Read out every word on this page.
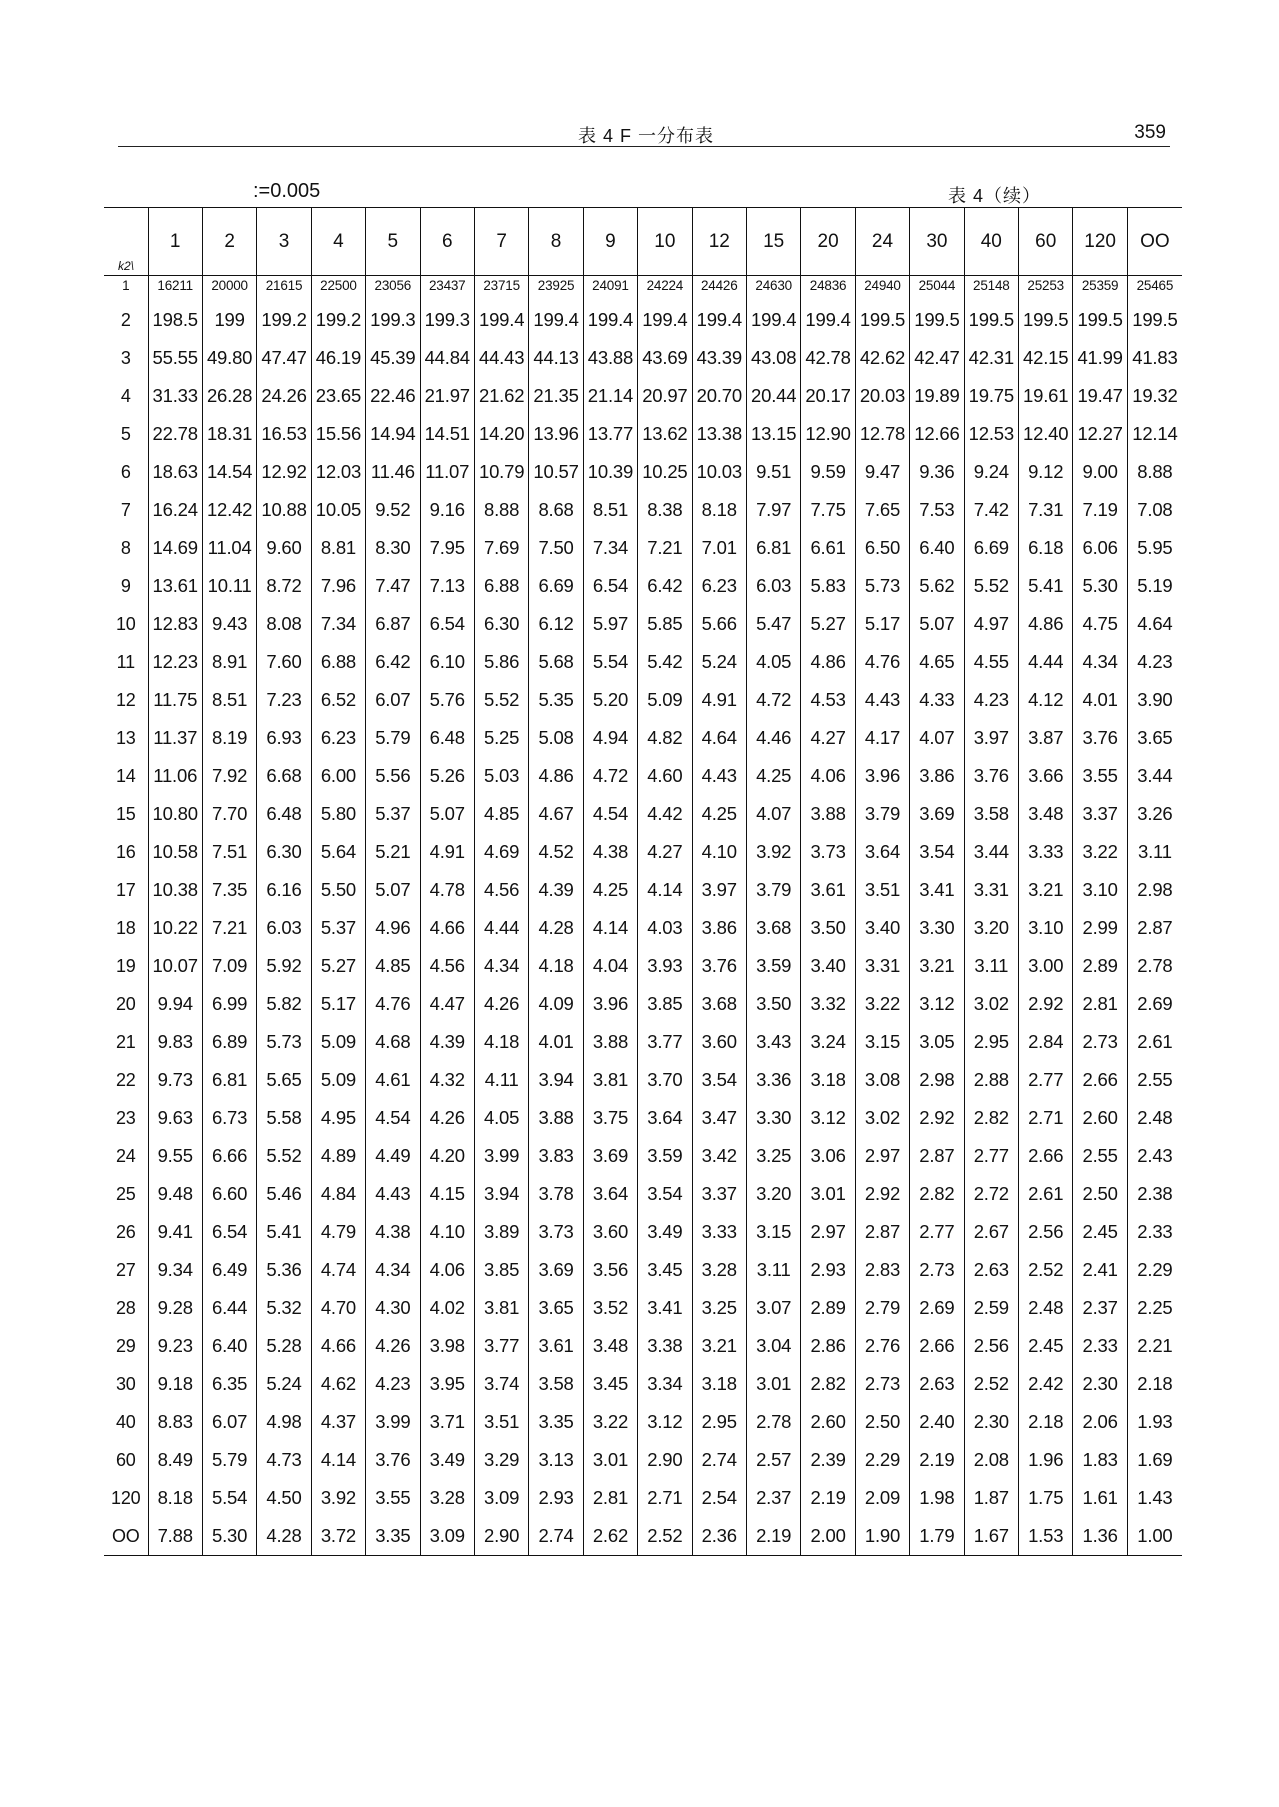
表 4 F 一分布表	359
:=0.005	表 4（续）
k2\	1	2	3	4	5	6	7	8	9	10	12	15	20	24	30	40	60	120	OO
1	16211	20000	21615	22500	23056	23437	23715	23925	24091	24224	24426	24630	24836	24940	25044	25148	25253	25359	25465
2	198.5	199	199.2	199.2	199.3	199.3	199.4	199.4	199.4	199.4	199.4	199.4	199.4	199.5	199.5	199.5	199.5	199.5	199.5
3	55.55	49.80	47.47	46.19	45.39	44.84	44.43	44.13	43.88	43.69	43.39	43.08	42.78	42.62	42.47	42.31	42.15	41.99	41.83
4	31.33	26.28	24.26	23.65	22.46	21.97	21.62	21.35	21.14	20.97	20.70	20.44	20.17	20.03	19.89	19.75	19.61	19.47	19.32
5	22.78	18.31	16.53	15.56	14.94	14.51	14.20	13.96	13.77	13.62	13.38	13.15	12.90	12.78	12.66	12.53	12.40	12.27	12.14
6	18.63	14.54	12.92	12.03	11.46	11.07	10.79	10.57	10.39	10.25	10.03	9.51	9.59	9.47	9.36	9.24	9.12	9.00	8.88
7	16.24	12.42	10.88	10.05	9.52	9.16	8.88	8.68	8.51	8.38	8.18	7.97	7.75	7.65	7.53	7.42	7.31	7.19	7.08
8	14.69	11.04	9.60	8.81	8.30	7.95	7.69	7.50	7.34	7.21	7.01	6.81	6.61	6.50	6.40	6.69	6.18	6.06	5.95
9	13.61	10.11	8.72	7.96	7.47	7.13	6.88	6.69	6.54	6.42	6.23	6.03	5.83	5.73	5.62	5.52	5.41	5.30	5.19
10	12.83	9.43	8.08	7.34	6.87	6.54	6.30	6.12	5.97	5.85	5.66	5.47	5.27	5.17	5.07	4.97	4.86	4.75	4.64
11	12.23	8.91	7.60	6.88	6.42	6.10	5.86	5.68	5.54	5.42	5.24	4.05	4.86	4.76	4.65	4.55	4.44	4.34	4.23
12	11.75	8.51	7.23	6.52	6.07	5.76	5.52	5.35	5.20	5.09	4.91	4.72	4.53	4.43	4.33	4.23	4.12	4.01	3.90
13	11.37	8.19	6.93	6.23	5.79	6.48	5.25	5.08	4.94	4.82	4.64	4.46	4.27	4.17	4.07	3.97	3.87	3.76	3.65
14	11.06	7.92	6.68	6.00	5.56	5.26	5.03	4.86	4.72	4.60	4.43	4.25	4.06	3.96	3.86	3.76	3.66	3.55	3.44
15	10.80	7.70	6.48	5.80	5.37	5.07	4.85	4.67	4.54	4.42	4.25	4.07	3.88	3.79	3.69	3.58	3.48	3.37	3.26
16	10.58	7.51	6.30	5.64	5.21	4.91	4.69	4.52	4.38	4.27	4.10	3.92	3.73	3.64	3.54	3.44	3.33	3.22	3.11
17	10.38	7.35	6.16	5.50	5.07	4.78	4.56	4.39	4.25	4.14	3.97	3.79	3.61	3.51	3.41	3.31	3.21	3.10	2.98
18	10.22	7.21	6.03	5.37	4.96	4.66	4.44	4.28	4.14	4.03	3.86	3.68	3.50	3.40	3.30	3.20	3.10	2.99	2.87
19	10.07	7.09	5.92	5.27	4.85	4.56	4.34	4.18	4.04	3.93	3.76	3.59	3.40	3.31	3.21	3.11	3.00	2.89	2.78
20	9.94	6.99	5.82	5.17	4.76	4.47	4.26	4.09	3.96	3.85	3.68	3.50	3.32	3.22	3.12	3.02	2.92	2.81	2.69
21	9.83	6.89	5.73	5.09	4.68	4.39	4.18	4.01	3.88	3.77	3.60	3.43	3.24	3.15	3.05	2.95	2.84	2.73	2.61
22	9.73	6.81	5.65	5.09	4.61	4.32	4.11	3.94	3.81	3.70	3.54	3.36	3.18	3.08	2.98	2.88	2.77	2.66	2.55
23	9.63	6.73	5.58	4.95	4.54	4.26	4.05	3.88	3.75	3.64	3.47	3.30	3.12	3.02	2.92	2.82	2.71	2.60	2.48
24	9.55	6.66	5.52	4.89	4.49	4.20	3.99	3.83	3.69	3.59	3.42	3.25	3.06	2.97	2.87	2.77	2.66	2.55	2.43
25	9.48	6.60	5.46	4.84	4.43	4.15	3.94	3.78	3.64	3.54	3.37	3.20	3.01	2.92	2.82	2.72	2.61	2.50	2.38
26	9.41	6.54	5.41	4.79	4.38	4.10	3.89	3.73	3.60	3.49	3.33	3.15	2.97	2.87	2.77	2.67	2.56	2.45	2.33
27	9.34	6.49	5.36	4.74	4.34	4.06	3.85	3.69	3.56	3.45	3.28	3.11	2.93	2.83	2.73	2.63	2.52	2.41	2.29
28	9.28	6.44	5.32	4.70	4.30	4.02	3.81	3.65	3.52	3.41	3.25	3.07	2.89	2.79	2.69	2.59	2.48	2.37	2.25
29	9.23	6.40	5.28	4.66	4.26	3.98	3.77	3.61	3.48	3.38	3.21	3.04	2.86	2.76	2.66	2.56	2.45	2.33	2.21
30	9.18	6.35	5.24	4.62	4.23	3.95	3.74	3.58	3.45	3.34	3.18	3.01	2.82	2.73	2.63	2.52	2.42	2.30	2.18
40	8.83	6.07	4.98	4.37	3.99	3.71	3.51	3.35	3.22	3.12	2.95	2.78	2.60	2.50	2.40	2.30	2.18	2.06	1.93
60	8.49	5.79	4.73	4.14	3.76	3.49	3.29	3.13	3.01	2.90	2.74	2.57	2.39	2.29	2.19	2.08	1.96	1.83	1.69
120	8.18	5.54	4.50	3.92	3.55	3.28	3.09	2.93	2.81	2.71	2.54	2.37	2.19	2.09	1.98	1.87	1.75	1.61	1.43
OO	7.88	5.30	4.28	3.72	3.35	3.09	2.90	2.74	2.62	2.52	2.36	2.19	2.00	1.90	1.79	1.67	1.53	1.36	1.00
